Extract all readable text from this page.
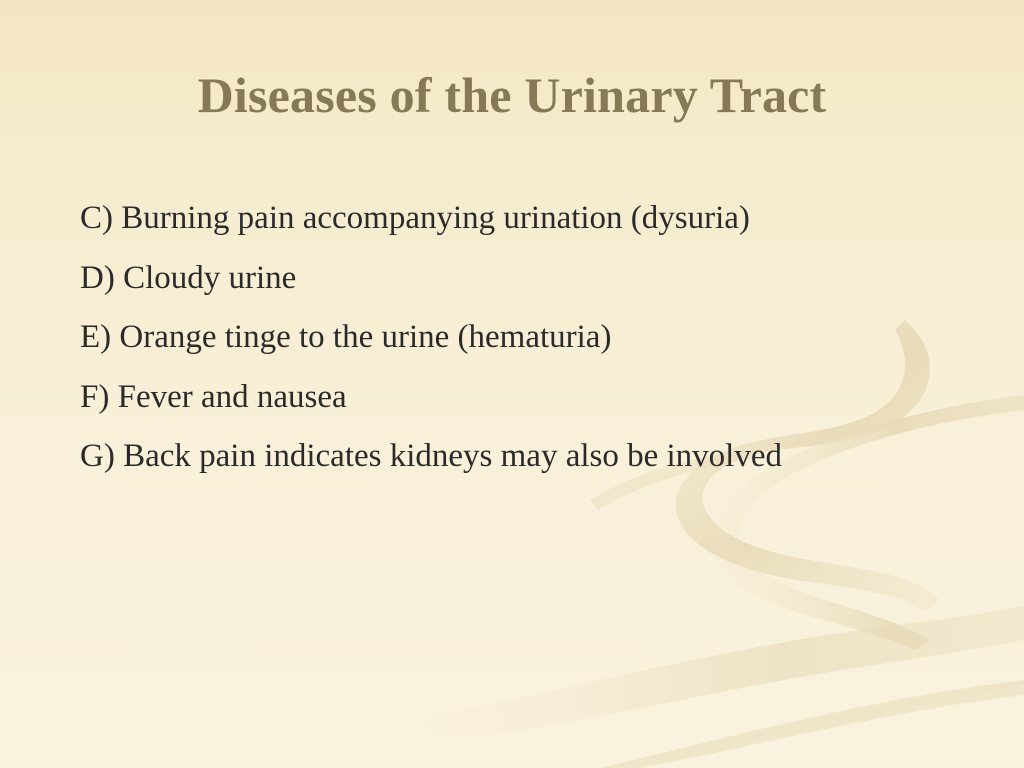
Diseases of the Urinary Tract
C) Burning pain accompanying urination (dysuria)
D) Cloudy urine
E) Orange tinge to the urine (hematuria)
F) Fever and nausea
G) Back pain indicates kidneys may also be involved
